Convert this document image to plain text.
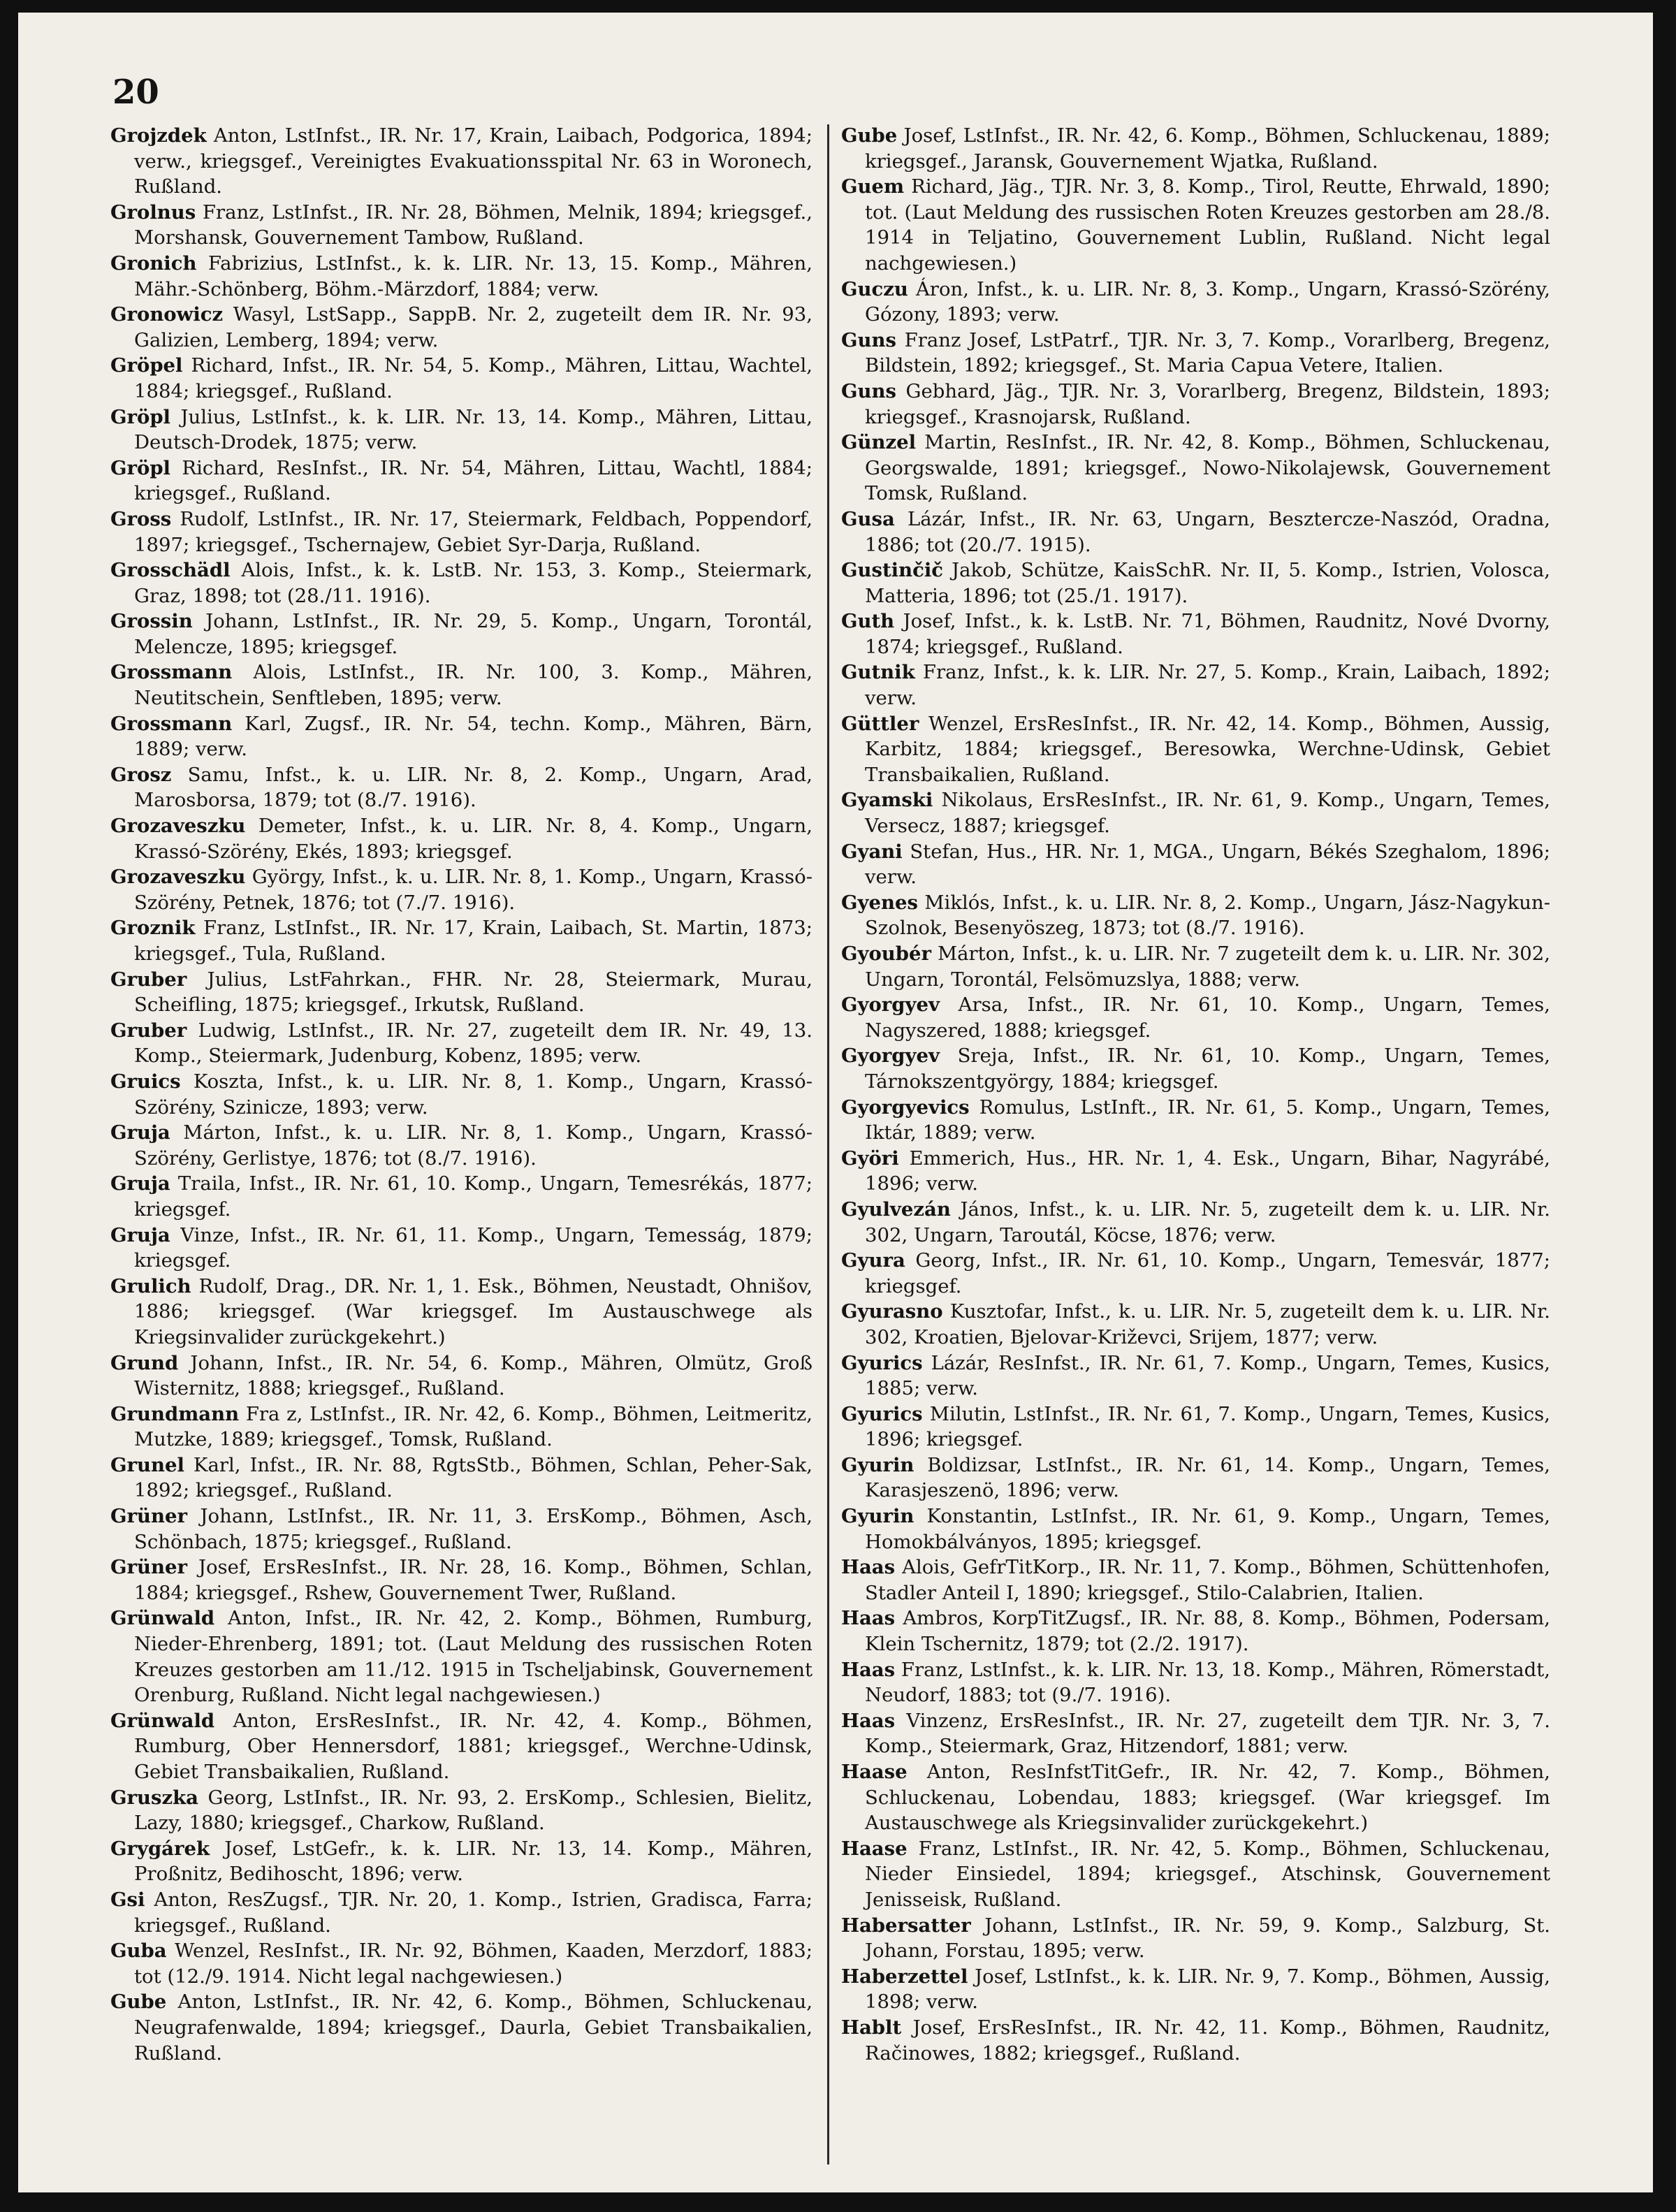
20

Grojzdek Anton, LstInfst., IR. Nr. 17, Krain, Laibach, Podgorica, 1894; verw., kriegsgef., Vereinigtes Evakuationsspital Nr. 63 in Woronech, Rußland.

Grolnus Franz, LstInfst., IR. Nr. 28, Böhmen, Melnik, 1894; kriegsgef., Morshansk, Gouvernement Tambow, Rußland.

Gronich Fabrizius, LstInfst., k. k. LIR. Nr. 13, 15. Komp., Mähren, Mähr.-Schönberg, Böhm.-Märzdorf, 1884; verw.

Gronowicz Wasyl, LstSapp., SappB. Nr. 2, zugeteilt dem IR. Nr. 93, Galizien, Lemberg, 1894; verw.

Gröpel Richard, Infst., IR. Nr. 54, 5. Komp., Mähren, Littau, Wachtel, 1884; kriegsgef., Rußland.

Gröpl Julius, LstInfst., k. k. LIR. Nr. 13, 14. Komp., Mähren, Littau, Deutsch-Drodek, 1875; verw.

Gröpl Richard, ResInfst., IR. Nr. 54, Mähren, Littau, Wachtl, 1884; kriegsgef., Rußland.

Gross Rudolf, LstInfst., IR. Nr. 17, Steiermark, Feldbach, Poppendorf, 1897; kriegsgef., Tschernajew, Gebiet Syr-Darja, Rußland.

Grosschädl Alois, Infst., k. k. LstB. Nr. 153, 3. Komp., Steiermark, Graz, 1898; tot (28./11. 1916).

Grossin Johann, LstInfst., IR. Nr. 29, 5. Komp., Ungarn, Torontál, Melencze, 1895; kriegsgef.

Grossmann Alois, LstInfst., IR. Nr. 100, 3. Komp., Mähren, Neutitschein, Senftleben, 1895; verw.

Grossmann Karl, Zugsf., IR. Nr. 54, techn. Komp., Mähren, Bärn, 1889; verw.

Grosz Samu, Infst., k. u. LIR. Nr. 8, 2. Komp., Ungarn, Arad, Marosborsa, 1879; tot (8./7. 1916).

Grozaveszku Demeter, Infst., k. u. LIR. Nr. 8, 4. Komp., Ungarn, Krassó-Szörény, Ekés, 1893; kriegsgef.

Grozaveszku György, Infst., k. u. LIR. Nr. 8, 1. Komp., Ungarn, Krassó-Szörény, Petnek, 1876; tot (7./7. 1916).

Groznik Franz, LstInfst., IR. Nr. 17, Krain, Laibach, St. Martin, 1873; kriegsgef., Tula, Rußland.

Gruber Julius, LstFahrkan., FHR. Nr. 28, Steiermark, Murau, Scheifling, 1875; kriegsgef., Irkutsk, Rußland.

Gruber Ludwig, LstInfst., IR. Nr. 27, zugeteilt dem IR. Nr. 49, 13. Komp., Steiermark, Judenburg, Kobenz, 1895; verw.

Gruics Koszta, Infst., k. u. LIR. Nr. 8, 1. Komp., Ungarn, Krassó-Szörény, Szinicze, 1893; verw.

Gruja Márton, Infst., k. u. LIR. Nr. 8, 1. Komp., Ungarn, Krassó-Szörény, Gerlistye, 1876; tot (8./7. 1916).

Gruja Traila, Infst., IR. Nr. 61, 10. Komp., Ungarn, Temesrékás, 1877; kriegsgef.

Gruja Vinze, Infst., IR. Nr. 61, 11. Komp., Ungarn, Temesság, 1879; kriegsgef.

Grulich Rudolf, Drag., DR. Nr. 1, 1. Esk., Böhmen, Neustadt, Ohnišov, 1886; kriegsgef. (War kriegsgef. Im Austauschwege als Kriegsinvalider zurückgekehrt.)

Grund Johann, Infst., IR. Nr. 54, 6. Komp., Mähren, Olmütz, Groß Wisternitz, 1888; kriegsgef., Rußland.

Grundmann Fra z, LstInfst., IR. Nr. 42, 6. Komp., Böhmen, Leitmeritz, Mutzke, 1889; kriegsgef., Tomsk, Rußland.

Grunel Karl, Infst., IR. Nr. 88, RgtsStb., Böhmen, Schlan, Peher-Sak, 1892; kriegsgef., Rußland.

Grüner Johann, LstInfst., IR. Nr. 11, 3. ErsKomp., Böhmen, Asch, Schönbach, 1875; kriegsgef., Rußland.

Grüner Josef, ErsResInfst., IR. Nr. 28, 16. Komp., Böhmen, Schlan, 1884; kriegsgef., Rshew, Gouvernement Twer, Rußland.

Grünwald Anton, Infst., IR. Nr. 42, 2. Komp., Böhmen, Rumburg, Nieder-Ehrenberg, 1891; tot. (Laut Meldung des russischen Roten Kreuzes gestorben am 11./12. 1915 in Tscheljabinsk, Gouvernement Orenburg, Rußland. Nicht legal nachgewiesen.)

Grünwald Anton, ErsResInfst., IR. Nr. 42, 4. Komp., Böhmen, Rumburg, Ober Hennersdorf, 1881; kriegsgef., Werchne-Udinsk, Gebiet Transbaikalien, Rußland.

Gruszka Georg, LstInfst., IR. Nr. 93, 2. ErsKomp., Schlesien, Bielitz, Lazy, 1880; kriegsgef., Charkow, Rußland.

Grygárek Josef, LstGefr., k. k. LIR. Nr. 13, 14. Komp., Mähren, Proßnitz, Bedihoscht, 1896; verw.

Gsi Anton, ResZugsf., TJR. Nr. 20, 1. Komp., Istrien, Gradisca, Farra; kriegsgef., Rußland.

Guba Wenzel, ResInfst., IR. Nr. 92, Böhmen, Kaaden, Merzdorf, 1883; tot (12./9. 1914. Nicht legal nachgewiesen.)

Gube Anton, LstInfst., IR. Nr. 42, 6. Komp., Böhmen, Schluckenau, Neugrafenwalde, 1894; kriegsgef., Daurla, Gebiet Transbaikalien, Rußland.

Gube Josef, LstInfst., IR. Nr. 42, 6. Komp., Böhmen, Schluckenau, 1889; kriegsgef., Jaransk, Gouvernement Wjatka, Rußland.

Guem Richard, Jäg., TJR. Nr. 3, 8. Komp., Tirol, Reutte, Ehrwald, 1890; tot. (Laut Meldung des russischen Roten Kreuzes gestorben am 28./8. 1914 in Teljatino, Gouvernement Lublin, Rußland. Nicht legal nachgewiesen.)

Guczu Áron, Infst., k. u. LIR. Nr. 8, 3. Komp., Ungarn, Krassó-Szörény, Gózony, 1893; verw.

Guns Franz Josef, LstPatrf., TJR. Nr. 3, 7. Komp., Vorarlberg, Bregenz, Bildstein, 1892; kriegsgef., St. Maria Capua Vetere, Italien.

Guns Gebhard, Jäg., TJR. Nr. 3, Vorarlberg, Bregenz, Bildstein, 1893; kriegsgef., Krasnojarsk, Rußland.

Günzel Martin, ResInfst., IR. Nr. 42, 8. Komp., Böhmen, Schluckenau, Georgswalde, 1891; kriegsgef., Nowo-Nikolajewsk, Gouvernement Tomsk, Rußland.

Gusa Lázár, Infst., IR. Nr. 63, Ungarn, Besztercze-Naszód, Oradna, 1886; tot (20./7. 1915).

Gustinčič Jakob, Schütze, KaisSchR. Nr. II, 5. Komp., Istrien, Volosca, Matteria, 1896; tot (25./1. 1917).

Guth Josef, Infst., k. k. LstB. Nr. 71, Böhmen, Raudnitz, Nové Dvorny, 1874; kriegsgef., Rußland.

Gutnik Franz, Infst., k. k. LIR. Nr. 27, 5. Komp., Krain, Laibach, 1892; verw.

Güttler Wenzel, ErsResInfst., IR. Nr. 42, 14. Komp., Böhmen, Aussig, Karbitz, 1884; kriegsgef., Beresowka, Werchne-Udinsk, Gebiet Transbaikalien, Rußland.

Gyamski Nikolaus, ErsResInfst., IR. Nr. 61, 9. Komp., Ungarn, Temes, Versecz, 1887; kriegsgef.

Gyani Stefan, Hus., HR. Nr. 1, MGA., Ungarn, Békés Szeghalom, 1896; verw.

Gyenes Miklós, Infst., k. u. LIR. Nr. 8, 2. Komp., Ungarn, Jász-Nagykun-Szolnok, Besenyöszeg, 1873; tot (8./7. 1916).

Gyoubér Márton, Infst., k. u. LIR. Nr. 7 zugeteilt dem k. u. LIR. Nr. 302, Ungarn, Torontál, Felsömuzslya, 1888; verw.

Gyorgyev Arsa, Infst., IR. Nr. 61, 10. Komp., Ungarn, Temes, Nagyszered, 1888; kriegsgef.

Gyorgyev Sreja, Infst., IR. Nr. 61, 10. Komp., Ungarn, Temes, Tárnokszentgyörgy, 1884; kriegsgef.

Gyorgyevics Romulus, LstInft., IR. Nr. 61, 5. Komp., Ungarn, Temes, Iktár, 1889; verw.

Györi Emmerich, Hus., HR. Nr. 1, 4. Esk., Ungarn, Bihar, Nagyrábé, 1896; verw.

Gyulvezán János, Infst., k. u. LIR. Nr. 5, zugeteilt dem k. u. LIR. Nr. 302, Ungarn, Taroutál, Köcse, 1876; verw.

Gyura Georg, Infst., IR. Nr. 61, 10. Komp., Ungarn, Temesvár, 1877; kriegsgef.

Gyurasno Kusztofar, Infst., k. u. LIR. Nr. 5, zugeteilt dem k. u. LIR. Nr. 302, Kroatien, Bjelovar-Križevci, Srijem, 1877; verw.

Gyurics Lázár, ResInfst., IR. Nr. 61, 7. Komp., Ungarn, Temes, Kusics, 1885; verw.

Gyurics Milutin, LstInfst., IR. Nr. 61, 7. Komp., Ungarn, Temes, Kusics, 1896; kriegsgef.

Gyurin Boldizsar, LstInfst., IR. Nr. 61, 14. Komp., Ungarn, Temes, Karasjeszenö, 1896; verw.

Gyurin Konstantin, LstInfst., IR. Nr. 61, 9. Komp., Ungarn, Temes, Homokbálványos, 1895; kriegsgef.

Haas Alois, GefrTitKorp., IR. Nr. 11, 7. Komp., Böhmen, Schüttenhofen, Stadler Anteil I, 1890; kriegsgef., Stilo-Calabrien, Italien.

Haas Ambros, KorpTitZugsf., IR. Nr. 88, 8. Komp., Böhmen, Podersam, Klein Tschernitz, 1879; tot (2./2. 1917).

Haas Franz, LstInfst., k. k. LIR. Nr. 13, 18. Komp., Mähren, Römerstadt, Neudorf, 1883; tot (9./7. 1916).

Haas Vinzenz, ErsResInfst., IR. Nr. 27, zugeteilt dem TJR. Nr. 3, 7. Komp., Steiermark, Graz, Hitzendorf, 1881; verw.

Haase Anton, ResInfstTitGefr., IR. Nr. 42, 7. Komp., Böhmen, Schluckenau, Lobendau, 1883; kriegsgef. (War kriegsgef. Im Austauschwege als Kriegsinvalider zurückgekehrt.)

Haase Franz, LstInfst., IR. Nr. 42, 5. Komp., Böhmen, Schluckenau, Nieder Einsiedel, 1894; kriegsgef., Atschinsk, Gouvernement Jenisseisk, Rußland.

Habersatter Johann, LstInfst., IR. Nr. 59, 9. Komp., Salzburg, St. Johann, Forstau, 1895; verw.

Haberzettel Josef, LstInfst., k. k. LIR. Nr. 9, 7. Komp., Böhmen, Aussig, 1898; verw.

Hablt Josef, ErsResInfst., IR. Nr. 42, 11. Komp., Böhmen, Raudnitz, Račinowes, 1882; kriegsgef., Rußland.
